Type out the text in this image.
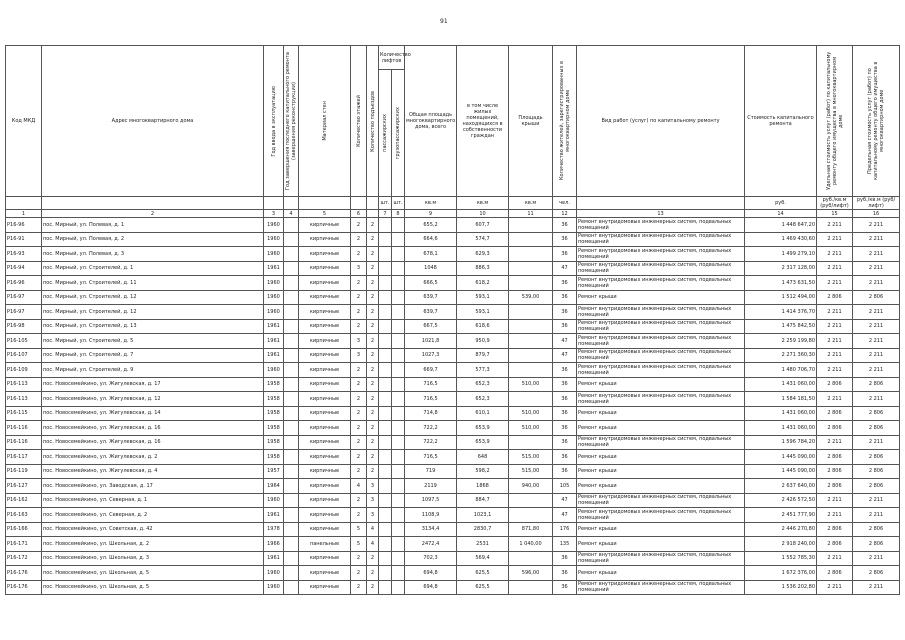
91
Код МКД	Адрес многоквартирного дома	Год ввода в эксплуатацию	Год завершения последнего капитального ремонта (завершения реконструкции)	Материал стен	Количество этажей	Количество подъездов	Количество лифтов		Общая площадь многоквартирного дома, всего	в том числе жилых помещений, находящихся в собственности граждан	Площадь крыши	Количество жителей, зарегистрированных в многоквартирном доме	Вид работ (услуг) по капитальному ремонту	Стоимость капитального ремонта	Удельная стоимость услуг (работ) по капитальному ремонту общего имущества в многоквартирном доме	Предельная стоимость услуг (работ) по капитальному ремонту общего имущества в многоквартирном доме

							пассажирских	грузопассажирских								

							шт.	шт.	кв.м	кв.м	кв.м	чел.		руб.	руб./кв.м (руб/лифт)	руб./кв.м (руб/лифт)
1	2	3	4	5	6		7	8	9	10	11	12	13	14	15	16
Р16-96	пос. Мирный, ул. Полевая, д. 1	1960		кирпичные	2	2			655,2	607,7		36	Ремонт внутридомовых инженерных систем, подвальных помещений	1 448 647,20	2 211	2 211
Р16-91	пос. Мирный, ул. Полевая, д. 2	1960		кирпичные	2	2			664,6	574,7		36	Ремонт внутридомовых инженерных систем, подвальных помещений	1 469 430,60	2 211	2 211
Р16-93	пос. Мирный, ул. Полевая, д. 3	1960		кирпичные	2	2			678,1	629,3		36	Ремонт внутридомовых инженерных систем, подвальных помещений	1 499 279,10	2 211	2 211
Р16-94	пос. Мирный, ул. Строителей, д. 1	1961		кирпичные	3	2			1048	886,3		47	Ремонт внутридомовых инженерных систем, подвальных помещений	2 317 128,00	2 211	2 211
Р16-96	пос. Мирный, ул. Строителей, д. 11	1960		кирпичные	2	2			666,5	618,2		36	Ремонт внутридомовых инженерных систем, подвальных помещений	1 473 631,50	2 211	2 211
Р16-97	пос. Мирный, ул. Строителей, д. 12	1960		кирпичные	2	2			639,7	593,1	539,00	36	Ремонт крыши	1 512 494,00	2 806	2 806
Р16-97	пос. Мирный, ул. Строителей, д. 12	1960		кирпичные	2	2			639,7	593,1		36	Ремонт внутридомовых инженерных систем, подвальных помещений	1 414 376,70	2 211	2 211
Р16-98	пос. Мирный, ул. Строителей, д. 13	1961		кирпичные	2	2			667,5	618,6		36	Ремонт внутридомовых инженерных систем, подвальных помещений	1 475 842,50	2 211	2 211
Р16-105	пос. Мирный, ул. Строителей, д. 5	1961		кирпичные	3	2			1021,8	950,9		47	Ремонт внутридомовых инженерных систем, подвальных помещений	2 259 199,80	2 211	2 211
Р16-107	пос. Мирный, ул. Строителей, д. 7	1961		кирпичные	3	2			1027,3	879,7		47	Ремонт внутридомовых инженерных систем, подвальных помещений	2 271 360,30	2 211	2 211
Р16-109	пос. Мирный, ул. Строителей, д. 9	1960		кирпичные	2	2			669,7	577,3		36	Ремонт внутридомовых инженерных систем, подвальных помещений	1 480 706,70	2 211	2 211
Р16-113	пос. Новосемейкино, ул. Жигулевская, д. 17	1958		кирпичные	2	2			716,5	652,3	510,00	36	Ремонт крыши	1 431 060,00	2 806	2 806
Р16-113	пос. Новосемейкино, ул. Жигулевская, д. 12	1958		кирпичные	2	2			716,5	652,3		36	Ремонт внутридомовых инженерных систем, подвальных помещений	1 584 181,50	2 211	2 211
Р16-115	пос. Новосемейкино, ул. Жигулевская, д. 14	1958		кирпичные	2	2			714,8	610,1	510,00	36	Ремонт крыши	1 431 060,00	2 806	2 806
Р16-116	пос. Новосемейкино, ул. Жигулевская, д. 16	1958		кирпичные	2	2			722,2	653,9	510,00	36	Ремонт крыши	1 431 060,00	2 806	2 806
Р16-116	пос. Новосемейкино, ул. Жигулевская, д. 16	1958		кирпичные	2	2			722,2	653,9		36	Ремонт внутридомовых инженерных систем, подвальных помещений	1 596 784,20	2 211	2 211
Р16-117	пос. Новосемейкино, ул. Жигулевская, д. 2	1958		кирпичные	2	2			716,5	648	515,00	36	Ремонт крыши	1 445 090,00	2 806	2 806
Р16-119	пос. Новосемейкино, ул. Жигулевская, д. 4	1957		кирпичные	2	2			719	598,2	515,00	36	Ремонт крыши	1 445 090,00	2 806	2 806
Р16-127	пос. Новосемейкино, ул. Заводская, д. 17	1964		кирпичные	4	3			2119	1868	940,00	105	Ремонт крыши	2 637 640,00	2 806	2 806
Р16-162	пос. Новосемейкино, ул. Северная, д. 1	1960		кирпичные	2	3			1097,5	884,7		47	Ремонт внутридомовых инженерных систем, подвальных помещений	2 426 572,50	2 211	2 211
Р16-163	пос. Новосемейкино, ул. Северная, д. 2	1961		кирпичные	2	3			1108,9	1023,1		47	Ремонт внутридомовых инженерных систем, подвальных помещений	2 451 777,90	2 211	2 211
Р16-166	пос. Новосемейкино, ул. Советская, д. 42	1978		кирпичные	5	4			3134,4	2830,7	871,80	176	Ремонт крыши	2 446 270,80	2 806	2 806
Р16-171	пос. Новосемейкино, ул. Школьная, д. 2	1966		панельные	5	4			2472,4	2531	1 040,00	135	Ремонт крыши	2 918 240,00	2 806	2 806
Р16-172	пос. Новосемейкино, ул. Школьная, д. 3	1961		кирпичные	2	2			702,3	569,4		36	Ремонт внутридомовых инженерных систем, подвальных помещений	1 552 785,30	2 211	2 211
Р16-176	пос. Новосемейкино, ул. Школьная, д. 5	1960		кирпичные	2	2			694,8	625,5	596,00	36	Ремонт крыши	1 672 376,00	2 806	2 806
Р16-176	пос. Новосемейкино, ул. Школьная, д. 5	1960		кирпичные	2	2			694,8	625,5		36	Ремонт внутридомовых инженерных систем, подвальных помещений	1 536 202,80	2 211	2 211
